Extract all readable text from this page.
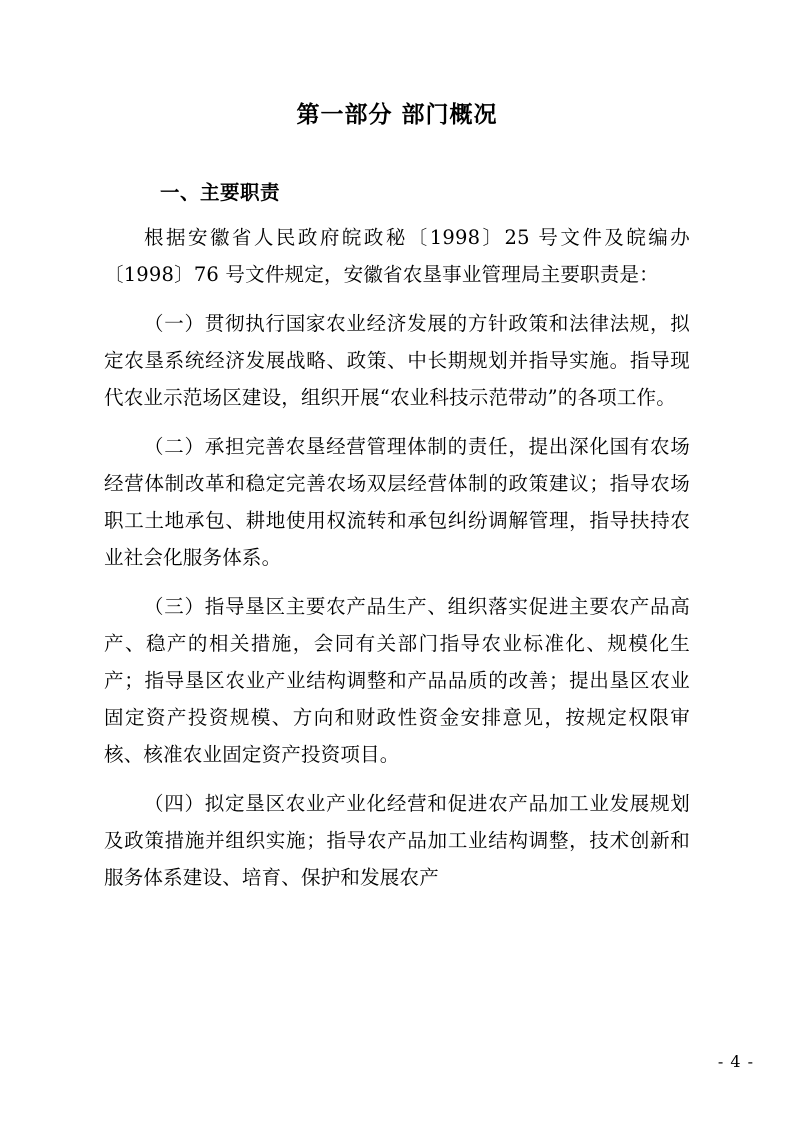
第一部分 部门概况
一、主要职责

根据安徽省人民政府皖政秘〔1998〕25 号文件及皖编办〔1998〕76 号文件规定，安徽省农垦事业管理局主要职责是：

（一）贯彻执行国家农业经济发展的方针政策和法律法规，拟定农垦系统经济发展战略、政策、中长期规划并指导实施。指导现代农业示范场区建设，组织开展“农业科技示范带动”的各项工作。

（二）承担完善农垦经营管理体制的责任，提出深化国有农场经营体制改革和稳定完善农场双层经营体制的政策建议；指导农场职工土地承包、耕地使用权流转和承包纠纷调解管理，指导扶持农业社会化服务体系。

（三）指导垦区主要农产品生产、组织落实促进主要农产品高产、稳产的相关措施，会同有关部门指导农业标准化、规模化生产；指导垦区农业产业结构调整和产品品质的改善；提出垦区农业固定资产投资规模、方向和财政性资金安排意见，按规定权限审核、核准农业固定资产投资项目。

（四）拟定垦区农业产业化经营和促进农产品加工业发展规划及政策措施并组织实施；指导农产品加工业结构调整，技术创新和服务体系建设、培育、保护和发展农产

- 4 -
